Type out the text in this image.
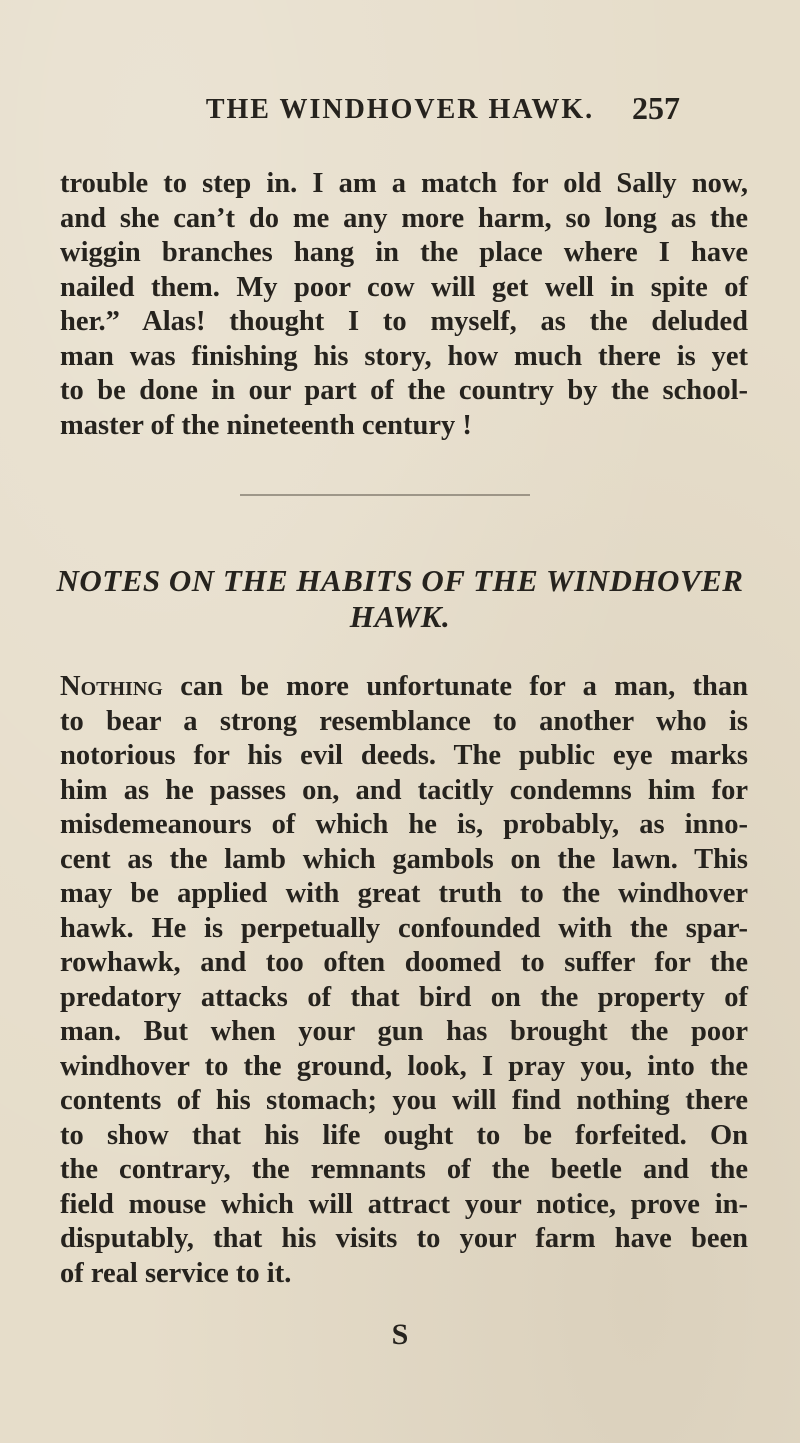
THE WINDHOVER HAWK.	257
trouble to step in. I am a match for old Sally now,
and she can’t do me any more harm, so long as the
wiggin branches hang in the place where I have
nailed them. My poor cow will get well in spite of
her.” Alas! thought I to myself, as the deluded
man was finishing his story, how much there is yet
to be done in our part of the country by the school-
master of the nineteenth century !
NOTES ON THE HABITS OF THE WINDHOVER
HAWK.
Nothing can be more unfortunate for a man, than
to bear a strong resemblance to another who is
notorious for his evil deeds. The public eye marks
him as he passes on, and tacitly condemns him for
misdemeanours of which he is, probably, as inno-
cent as the lamb which gambols on the lawn. This
may be applied with great truth to the windhover
hawk. He is perpetually confounded with the spar-
rowhawk, and too often doomed to suffer for the
predatory attacks of that bird on the property of
man. But when your gun has brought the poor
windhover to the ground, look, I pray you, into the
contents of his stomach; you will find nothing there
to show that his life ought to be forfeited. On
the contrary, the remnants of the beetle and the
field mouse which will attract your notice, prove in-
disputably, that his visits to your farm have been
of real service to it.
S
